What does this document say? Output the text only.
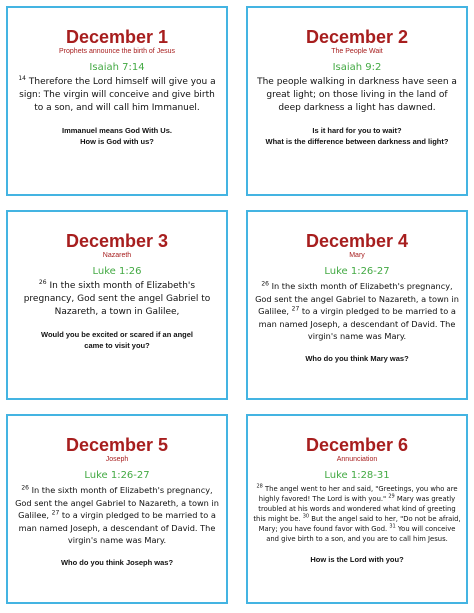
December 1
Prophets announce the birth of Jesus
Isaiah 7:14
$^{14}$ Therefore the Lord himself will give you a sign: The virgin will conceive and give birth to a son, and will call him Immanuel.
Immanuel means God With Us.
How is God with us?
December 2
The People Wait
Isaiah 9:2
The people walking in darkness have seen a great light; on those living in the land of deep darkness a light has dawned.
Is it hard for you to wait?
What is the difference between darkness and light?
December 3
Nazareth
Luke 1:26
$^{26}$ In the sixth month of Elizabeth's pregnancy, God sent the angel Gabriel to Nazareth, a town in Galilee,
Would you be excited or scared if an angel
came to visit you?
December 4
Mary
Luke 1:26-27
$^{26}$ In the sixth month of Elizabeth's pregnancy, God sent the angel Gabriel to Nazareth, a town in Galilee, $^{27}$ to a virgin pledged to be married to a man named Joseph, a descendant of David. The virgin's name was Mary.
Who do you think Mary was?
December 5
Joseph
Luke 1:26-27
$^{26}$ In the sixth month of Elizabeth's pregnancy, God sent the angel Gabriel to Nazareth, a town in Galilee, $^{27}$ to a virgin pledged to be married to a man named Joseph, a descendant of David. The virgin's name was Mary.
Who do you think Joseph was?
December 6
Annunciation
Luke 1:28-31
$^{28}$ The angel went to her and said, "Greetings, you who are highly favored! The Lord is with you." $^{29}$ Mary was greatly troubled at his words and wondered what kind of greeting this might be. $^{30}$ But the angel said to her, "Do not be afraid, Mary; you have found favor with God. $^{31}$ You will conceive and give birth to a son, and you are to call him Jesus.
How is the Lord with you?
